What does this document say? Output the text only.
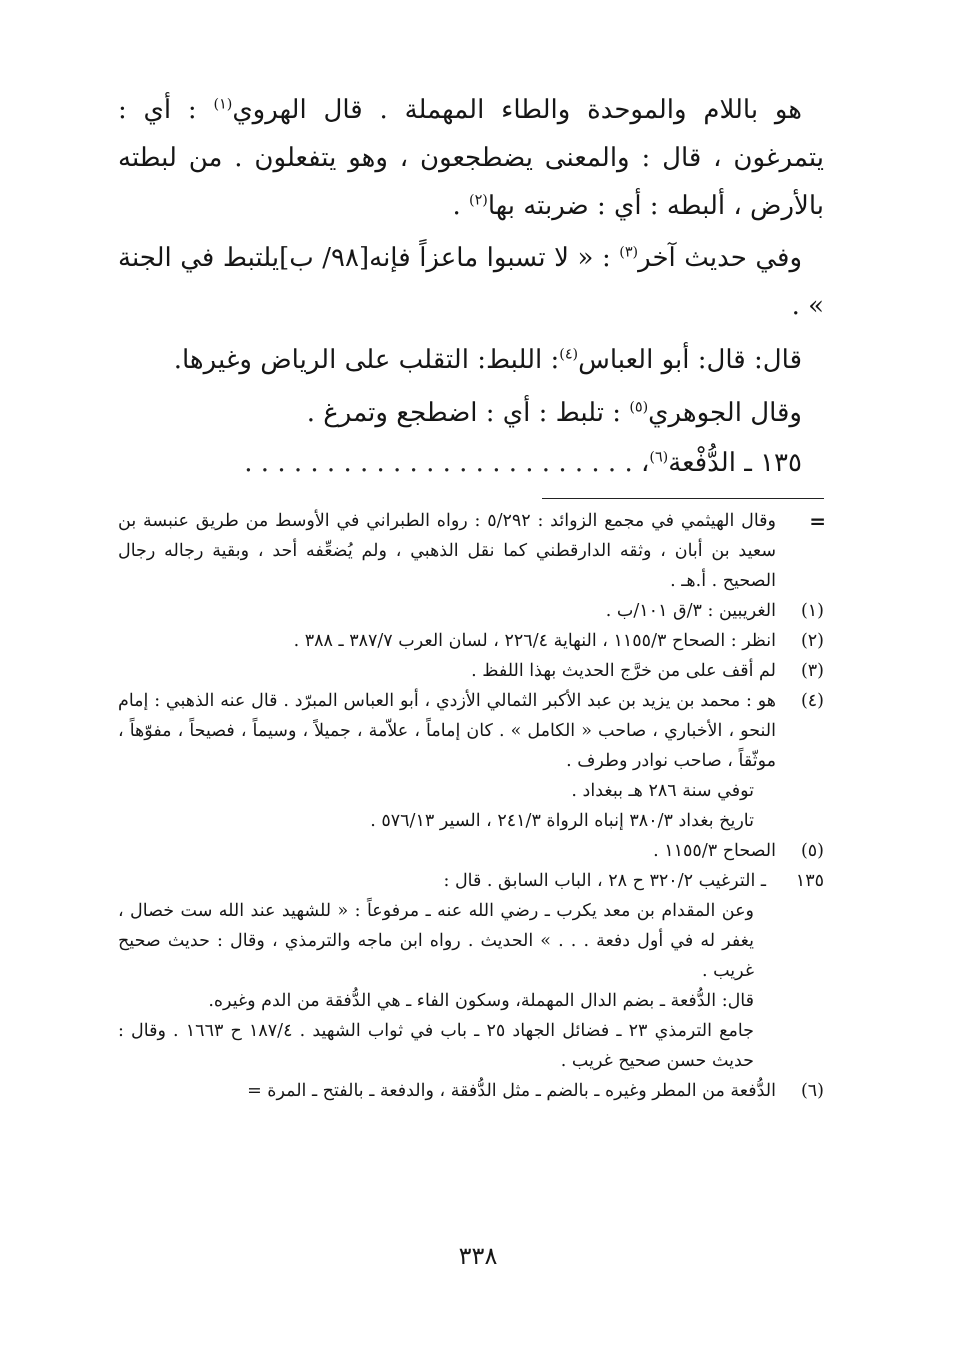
هو باللام والموحدة والطاء المهملة . قال الهروي$^{(١)}$ : أي : يتمرغون ، قال : والمعنى يضطجعون ، وهو يتفعلون . من لبطته بالأرض ، ألبطه : أي : ضربته بها$^{(٢)}$ .

وفي حديث آخر$^{(٣)}$ : « لا تسبوا ماعزاً فإنه[٩٨/ ب]يلتبط في الجنة » .

قال: قال: أبو العباس$^{(٤)}$: اللبط: التقلب على الرياض وغيرها.

وقال الجوهري$^{(٥)}$ : تلبط : أي : اضطجع وتمرغ .

١٣٥ ـ الدُّفْعة$^{(٦)}$، . . . . . . . . . . . . . . . . . . . . . . . .

=

وقال الهيثمي في مجمع الزوائد : ٥/٢٩٢ : رواه الطبراني في الأوسط من طريق عنبسة بن سعيد بن أبان ، وثقه الدارقطني كما نقل الذهبي ، ولم يُضعِّفه أحد ، وبقية رجاله رجال الصحيح . أ.هـ .

(١)

الغريبين : ٣/ق ١٠١/ب .

(٢)

انظر : الصحاح ١١٥٥/٣ ، النهاية ٢٢٦/٤ ، لسان العرب ٣٨٧/٧ ـ ٣٨٨ .

(٣)

لم أقف على من خرَّج الحديث بهذا اللفظ .

(٤)

هو : محمد بن يزيد بن عبد الأكبر الثمالي الأزدي ، أبو العباس المبرّد . قال عنه الذهبي : إمام النحو ، الأخباري ، صاحب « الكامل » . كان إماماً ، علاّمة ، جميلاً ، وسيماً ، فصيحاً ، مفوّهاً ، موثّقاً ، صاحب نوادر وطرف .

توفي سنة ٢٨٦ هـ ببغداد .

تاريخ بغداد ٣٨٠/٣ إنباه الرواة ٢٤١/٣ ، السير ٥٧٦/١٣ .

(٥)

الصحاح ١١٥٥/٣ .

١٣٥

ـ الترغيب ٣٢٠/٢ ح ٢٨ ، الباب السابق . قال :

وعن المقدام بن معد يكرب ـ رضي الله عنه ـ مرفوعاً : « للشهيد عند الله ست خصال ، يغفر له في أول دفعة . . . » الحديث . رواه ابن ماجه والترمذي ، وقال : حديث صحيح غريب .

قال: الدُّفعة ـ بضم الدال المهملة، وسكون الفاء ـ هي الدُّفقة من الدم وغيره.

جامع الترمذي ٢٣ ـ فضائل الجهاد ٢٥ ـ باب في ثواب الشهيد . ١٨٧/٤ ح ١٦٦٣ . وقال : حديث حسن صحيح غريب .

(٦)

الدُّفعة من المطر وغيره ـ بالضم ـ مثل الدُّفقة ، والدفعة ـ بالفتح ـ المرة =

٣٣٨
